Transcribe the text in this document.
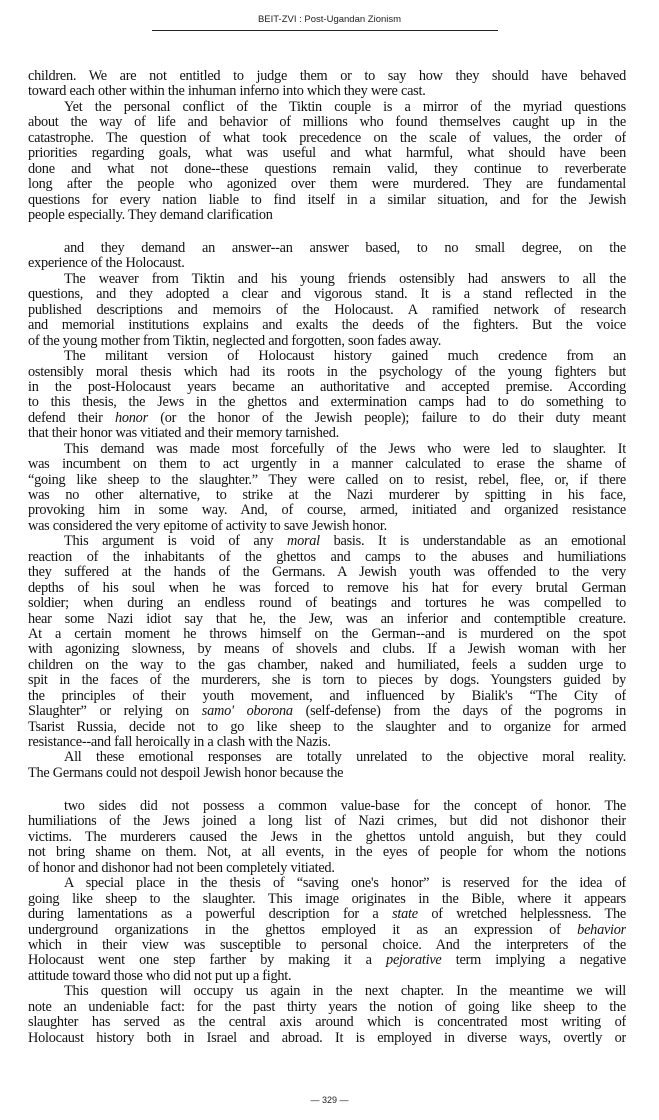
BEIT-ZVI : Post-Ugandan Zionism
children. We are not entitled to judge them or to say how they should have behaved
toward each other within the inhuman inferno into which they were cast.
Yet the personal conflict of the Tiktin couple is a mirror of the myriad questions
about the way of life and behavior of millions who found themselves caught up in the
catastrophe. The question of what took precedence on the scale of values, the order of
priorities regarding goals, what was useful and what harmful, what should have been
done and what not done--these questions remain valid, they continue to reverberate
long after the people who agonized over them were murdered. They are fundamental
questions for every nation liable to find itself in a similar situation, and for the Jewish
people especially. They demand clarification
and they demand an answer--an answer based, to no small degree, on the
experience of the Holocaust.
The weaver from Tiktin and his young friends ostensibly had answers to all the
questions, and they adopted a clear and vigorous stand. It is a stand reflected in the
published descriptions and memoirs of the Holocaust. A ramified network of research
and memorial institutions explains and exalts the deeds of the fighters. But the voice
of the young mother from Tiktin, neglected and forgotten, soon fades away.
The militant version of Holocaust history gained much credence from an
ostensibly moral thesis which had its roots in the psychology of the young fighters but
in the post-Holocaust years became an authoritative and accepted premise. According
to this thesis, the Jews in the ghettos and extermination camps had to do something to
defend their honor (or the honor of the Jewish people); failure to do their duty meant
that their honor was vitiated and their memory tarnished.
This demand was made most forcefully of the Jews who were led to slaughter. It
was incumbent on them to act urgently in a manner calculated to erase the shame of
“going like sheep to the slaughter.” They were called on to resist, rebel, flee, or, if there
was no other alternative, to strike at the Nazi murderer by spitting in his face,
provoking him in some way. And, of course, armed, initiated and organized resistance
was considered the very epitome of activity to save Jewish honor.
This argument is void of any moral basis. It is understandable as an emotional
reaction of the inhabitants of the ghettos and camps to the abuses and humiliations
they suffered at the hands of the Germans. A Jewish youth was offended to the very
depths of his soul when he was forced to remove his hat for every brutal German
soldier; when during an endless round of beatings and tortures he was compelled to
hear some Nazi idiot say that he, the Jew, was an inferior and contemptible creature.
At a certain moment he throws himself on the German--and is murdered on the spot
with agonizing slowness, by means of shovels and clubs. If a Jewish woman with her
children on the way to the gas chamber, naked and humiliated, feels a sudden urge to
spit in the faces of the murderers, she is torn to pieces by dogs. Youngsters guided by
the principles of their youth movement, and influenced by Bialik's “The City of
Slaughter” or relying on samo' oborona (self-defense) from the days of the pogroms in
Tsarist Russia, decide not to go like sheep to the slaughter and to organize for armed
resistance--and fall heroically in a clash with the Nazis.
All these emotional responses are totally unrelated to the objective moral reality.
The Germans could not despoil Jewish honor because the
two sides did not possess a common value-base for the concept of honor. The
humiliations of the Jews joined a long list of Nazi crimes, but did not dishonor their
victims. The murderers caused the Jews in the ghettos untold anguish, but they could
not bring shame on them. Not, at all events, in the eyes of people for whom the notions
of honor and dishonor had not been completely vitiated.
A special place in the thesis of “saving one's honor” is reserved for the idea of
going like sheep to the slaughter. This image originates in the Bible, where it appears
during lamentations as a powerful description for a state of wretched helplessness. The
underground organizations in the ghettos employed it as an expression of behavior
which in their view was susceptible to personal choice. And the interpreters of the
Holocaust went one step farther by making it a pejorative term implying a negative
attitude toward those who did not put up a fight.
This question will occupy us again in the next chapter. In the meantime we will
note an undeniable fact: for the past thirty years the notion of going like sheep to the
slaughter has served as the central axis around which is concentrated most writing of
Holocaust history both in Israel and abroad. It is employed in diverse ways, overtly or
— 329 —
